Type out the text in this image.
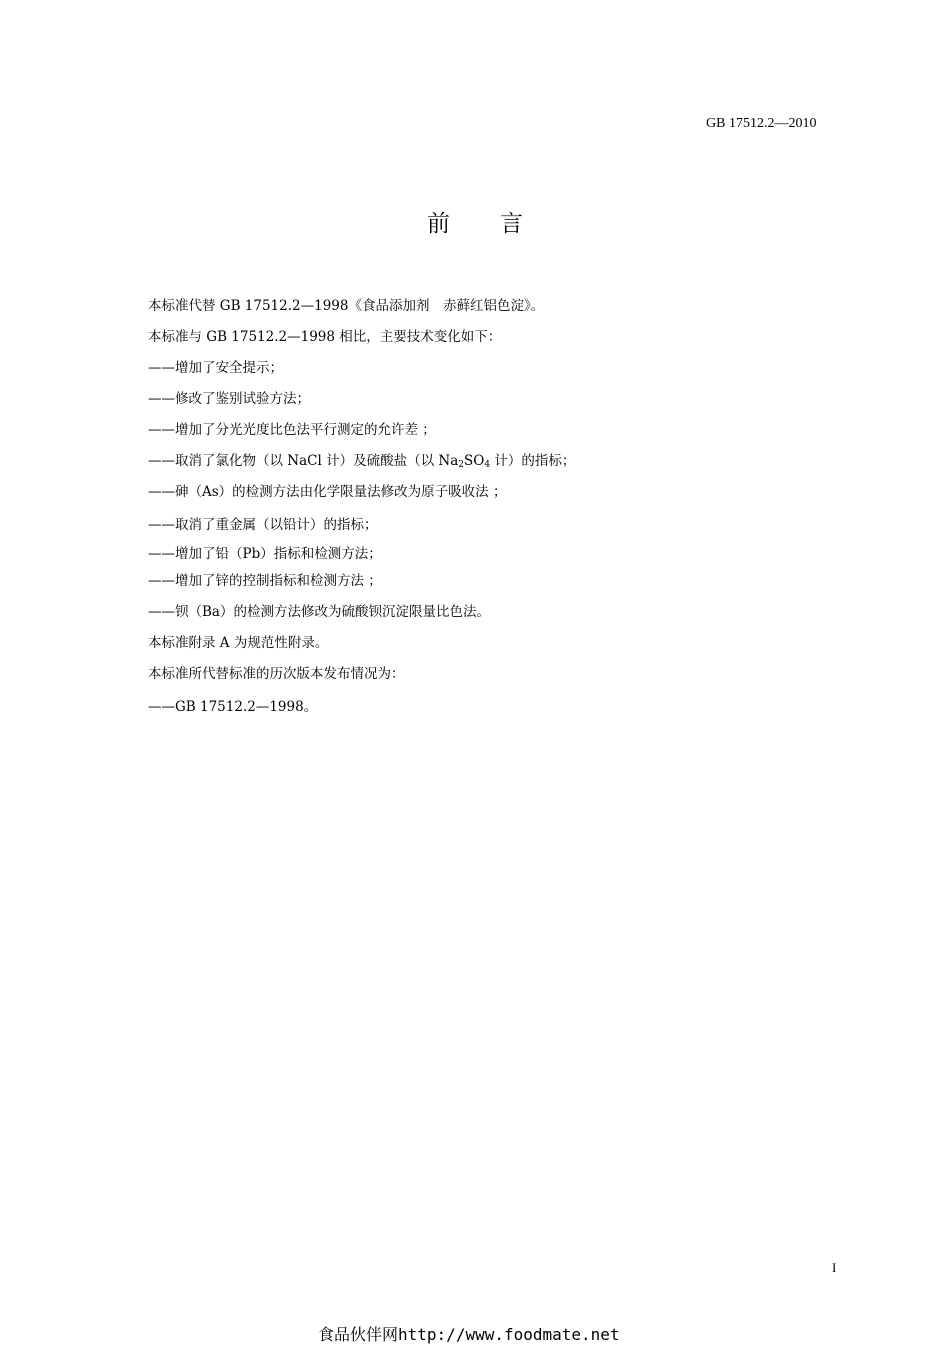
GB 17512.2—2010
前 言
本标准代替 GB 17512.2—1998《食品添加剂　赤藓红铝色淀》。
本标准与 GB 17512.2—1998 相比，主要技术变化如下：
——增加了安全提示；
——修改了鉴别试验方法；
——增加了分光光度比色法平行测定的允许差 ；
——取消了氯化物（以 NaCl 计）及硫酸盐（以 $Na_2SO_4$ 计）的指标；
——砷（As）的检测方法由化学限量法修改为原子吸收法 ；
——取消了重金属（以铅计）的指标；
——增加了铅（Pb）指标和检测方法；
——增加了锌的控制指标和检测方法 ；
——钡（Ba）的检测方法修改为硫酸钡沉淀限量比色法。
本标准附录 A 为规范性附录。
本标准所代替标准的历次版本发布情况为：
——GB 17512.2—1998。
I
食品伙伴网http://www.foodmate.net
